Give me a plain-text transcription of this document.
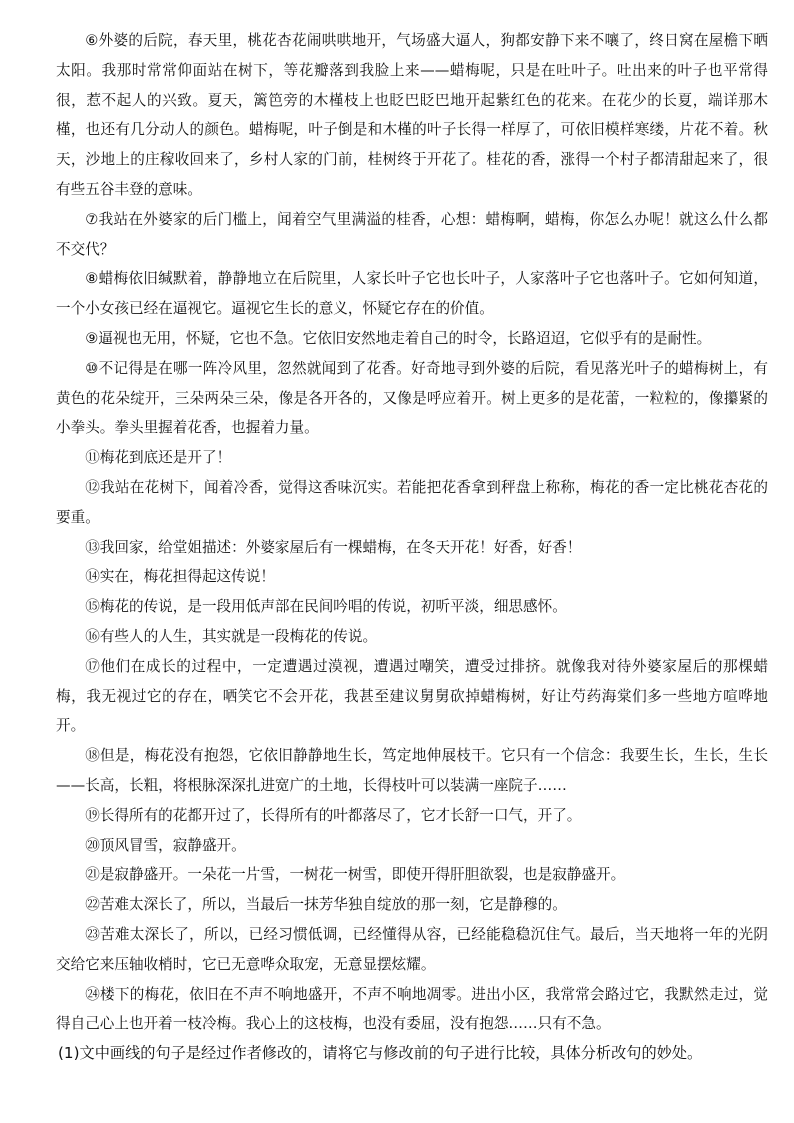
⑥外婆的后院，春天里，桃花杏花闹哄哄地开，气场盛大逼人，狗都安静下来不嚷了，终日窝在屋檐下晒太阳。我那时常常仰面站在树下，等花瓣落到我脸上来——蜡梅呢，只是在吐叶子。吐出来的叶子也平常得很，惹不起人的兴致。夏天，篱笆旁的木槿枝上也眨巴眨巴地开起紫红色的花来。在花少的长夏，端详那木槿，也还有几分动人的颜色。蜡梅呢，叶子倒是和木槿的叶子长得一样厚了，可依旧模样寒缕，片花不着。秋天，沙地上的庄稼收回来了，乡村人家的门前，桂树终于开花了。桂花的香，涨得一个村子都清甜起来了，很有些五谷丰登的意味。

⑦我站在外婆家的后门槛上，闻着空气里满溢的桂香，心想：蜡梅啊，蜡梅，你怎么办呢！就这么什么都不交代？

⑧蜡梅依旧缄默着，静静地立在后院里，人家长叶子它也长叶子，人家落叶子它也落叶子。它如何知道，一个小女孩已经在逼视它。逼视它生长的意义，怀疑它存在的价值。

⑨逼视也无用，怀疑，它也不急。它依旧安然地走着自己的时令，长路迢迢，它似乎有的是耐性。

⑩不记得是在哪一阵冷风里，忽然就闻到了花香。好奇地寻到外婆的后院，看见落光叶子的蜡梅树上，有黄色的花朵绽开，三朵两朵三朵，像是各开各的，又像是呼应着开。树上更多的是花蕾，一粒粒的，像攥紧的小拳头。拳头里握着花香，也握着力量。

⑪梅花到底还是开了！

⑫我站在花树下，闻着冷香，觉得这香味沉实。若能把花香拿到秤盘上称称，梅花的香一定比桃花杏花的要重。

⑬我回家，给堂姐描述：外婆家屋后有一棵蜡梅，在冬天开花！好香，好香！

⑭实在，梅花担得起这传说！

⑮梅花的传说，是一段用低声部在民间吟唱的传说，初听平淡，细思感怀。

⑯有些人的人生，其实就是一段梅花的传说。

⑰他们在成长的过程中，一定遭遇过漠视，遭遇过嘲笑，遭受过排挤。就像我对待外婆家屋后的那棵蜡梅，我无视过它的存在，哂笑它不会开花，我甚至建议舅舅砍掉蜡梅树，好让芍药海棠们多一些地方喧哗地开。

⑱但是，梅花没有抱怨，它依旧静静地生长，笃定地伸展枝干。它只有一个信念：我要生长，生长，生长——长高，长粗，将根脉深深扎进宽广的土地，长得枝叶可以装满一座院子……

⑲长得所有的花都开过了，长得所有的叶都落尽了，它才长舒一口气，开了。

⑳顶风冒雪，寂静盛开。

㉑是寂静盛开。一朵花一片雪，一树花一树雪，即使开得肝胆欲裂，也是寂静盛开。

㉒苦难太深长了，所以，当最后一抹芳华独自绽放的那一刻，它是静穆的。

㉓苦难太深长了，所以，已经习惯低调，已经懂得从容，已经能稳稳沉住气。最后，当天地将一年的光阴交给它来压轴收梢时，它已无意哗众取宠，无意显摆炫耀。

㉔楼下的梅花，依旧在不声不响地盛开，不声不响地凋零。进出小区，我常常会路过它，我默然走过，觉得自己心上也开着一枝冷梅。我心上的这枝梅，也没有委屈，没有抱怨……只有不急。

(1)文中画线的句子是经过作者修改的，请将它与修改前的句子进行比较，具体分析改句的妙处。
